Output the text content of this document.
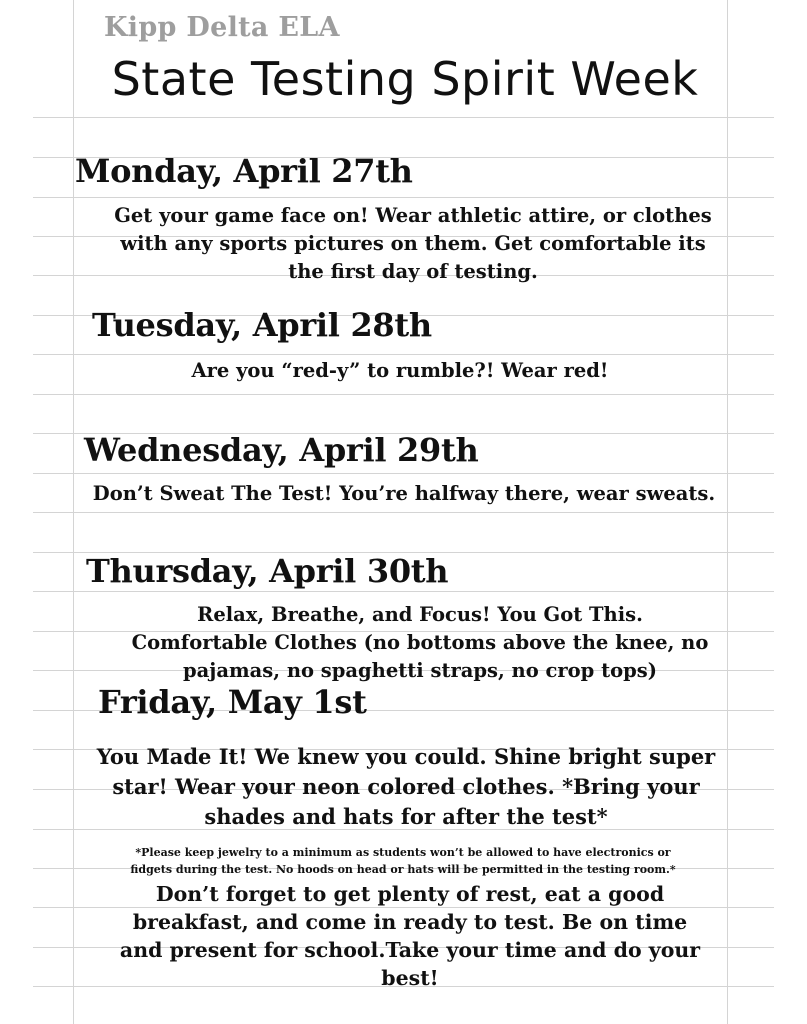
Kipp Delta ELA
State Testing Spirit Week
Monday, April 27th
Get your game face on! Wear athletic attire, or clothes
with any sports pictures on them. Get comfortable its
the first day of testing.
Tuesday, April 28th
Are you “red-y” to rumble?! Wear red!
Wednesday, April 29th
Don’t Sweat The Test! You’re halfway there, wear sweats.
Thursday, April 30th
Relax, Breathe, and Focus! You Got This.
Comfortable Clothes (no bottoms above the knee, no
pajamas, no spaghetti straps, no crop tops)
Friday, May 1st
You Made It! We knew you could. Shine bright super
star! Wear your neon colored clothes. *Bring your
shades and hats for after the test*
*Please keep jewelry to a minimum as students won’t be allowed to have electronics or
fidgets during the test. No hoods on head or hats will be permitted in the testing room.*
Don’t forget to get plenty of rest, eat a good
breakfast, and come in ready to test. Be on time
and present for school.Take your time and do your
best!
